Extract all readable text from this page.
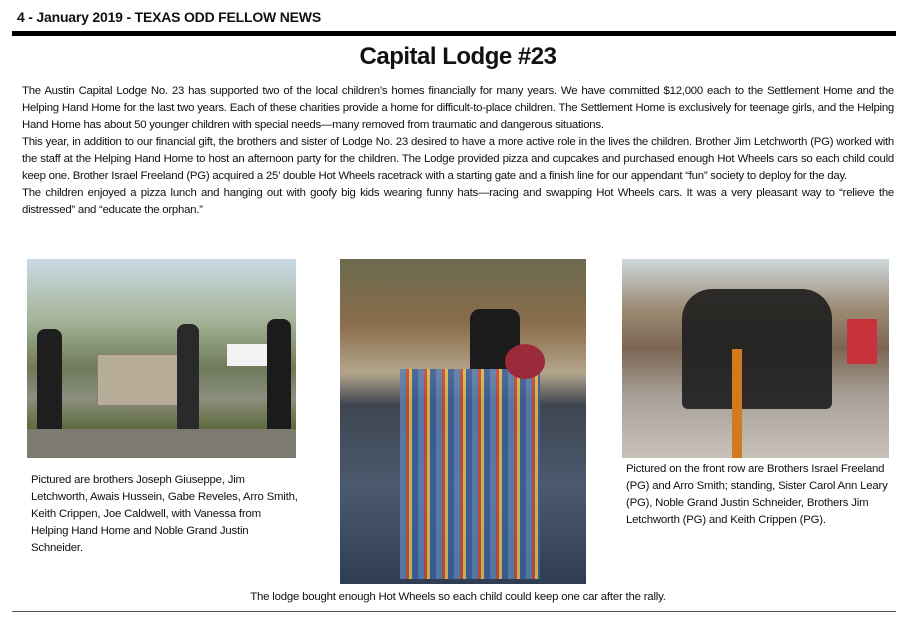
4 - January 2019 - TEXAS ODD FELLOW NEWS
Capital Lodge #23

The Austin Capital Lodge No. 23 has supported two of the local children’s homes financially for many years. We have committed $12,000 each to the Settlement Home and the Helping Hand Home for the last two years. Each of these charities provide a home for difficult-to-place children. The Settlement Home is exclusively for teenage girls, and the Helping Hand Home has about 50 younger children with special needs—many removed from traumatic and dangerous situations.

This year, in addition to our financial gift, the brothers and sister of Lodge No. 23 desired to have a more active role in the lives the children. Brother Jim Letchworth (PG) worked with the staff at the Helping Hand Home to host an afternoon party for the children. The Lodge provided pizza and cupcakes and purchased enough Hot Wheels cars so each child could keep one. Brother Israel Freeland (PG) acquired a 25’ double Hot Wheels racetrack with a starting gate and a finish line for our appendant “fun” society to deploy for the day.

The children enjoyed a pizza lunch and hanging out with goofy big kids wearing funny hats—racing and swapping Hot Wheels cars. It was a very pleasant way to “relieve the distressed” and “educate the orphan.”

Pictured are brothers Joseph Giuseppe, Jim Letchworth, Awais Hussein, Gabe Reveles, Arro Smith, Keith Crippen, Joe Caldwell, with Vanessa from Helping Hand Home and Noble Grand Justin Schneider.
Pictured on the front row are Brothers Israel Freeland (PG) and Arro Smith; standing, Sister Carol Ann Leary (PG), Noble Grand Justin Schneider, Brothers Jim Letchworth (PG) and Keith Crippen (PG).
The lodge bought enough Hot Wheels so each child could keep one car after the rally.
